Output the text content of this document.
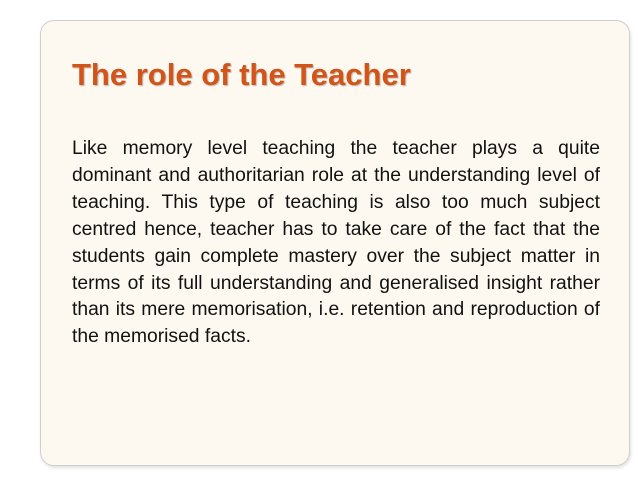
The role of the Teacher

Like memory level teaching the teacher plays a quite dominant and authoritarian role at the understanding level of teaching. This type of teaching is also too much subject centred hence, teacher has to take care of the fact that the students gain complete mastery over the subject matter in terms of its full understanding and generalised insight rather than its mere memorisation, i.e. retention and reproduction of the memorised facts.
